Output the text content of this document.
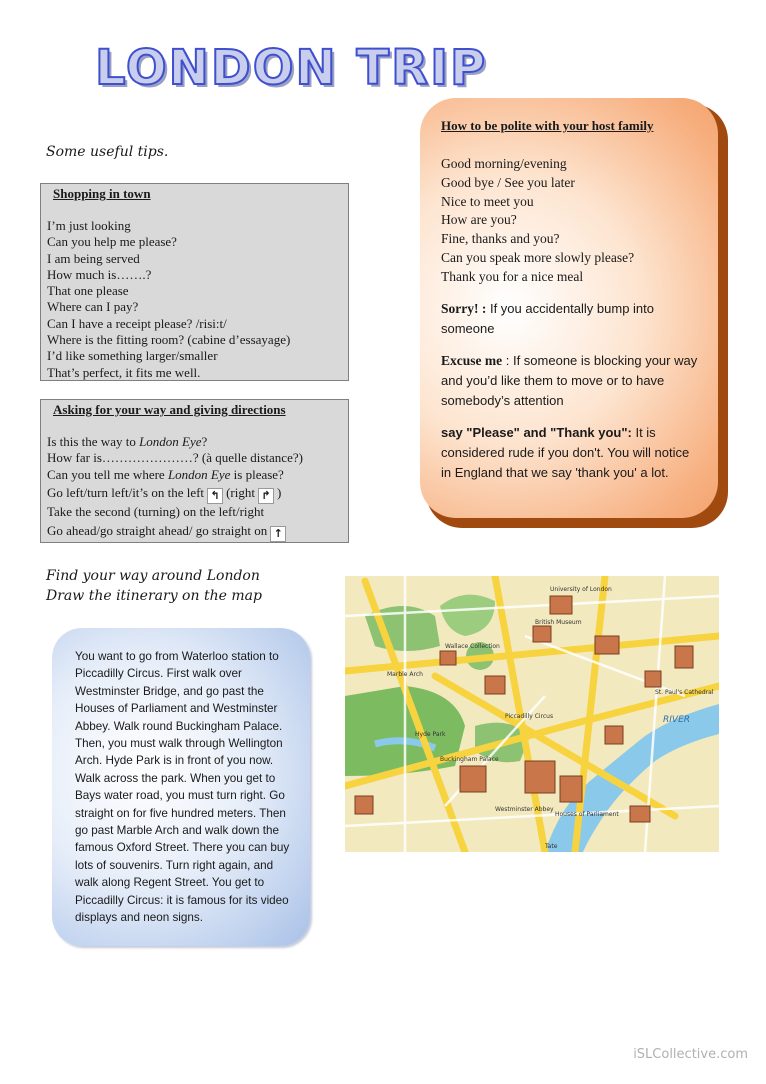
LONDON TRIP
Some useful tips.
Shopping in town
I’m just looking
Can you help me please?
I am being served
How much is…….?
That one please
Where can I pay?
Can I have a receipt please? /risi:t/
Where is the fitting room? (cabine d’essayage)
I’d like something larger/smaller
That’s perfect, it fits me well.
Asking for your way and giving directions
Is this the way to London Eye?
How far is…………………? (à quelle distance?)
Can you tell me where London Eye is please?
Go left/turn left/it’s on the left ↰ (right ↱ )
Take the second (turning) on the left/right
Go ahead/go straight ahead/ go straight on ↑
How to be polite with your host family
Good morning/evening
Good bye / See you later
Nice to meet you
How are you?
Fine, thanks and you?
Can you speak more slowly please?
Thank you for a nice meal
Sorry! : If you accidentally bump into someone
Excuse me : If someone is blocking your way and you’d like them to move or to have somebody’s attention
say "Please" and "Thank you": It is considered rude if you don't. You will notice in England that we say 'thank you' a lot.
Find your way around London
Draw the itinerary on the map
You want to go from Waterloo station to Piccadilly Circus. First walk over Westminster Bridge, and go past the Houses of Parliament and Westminster Abbey. Walk round Buckingham Palace. Then, you must walk through Wellington Arch. Hyde Park is in front of you now. Walk across the park. When you get to Bays water road, you must turn right. Go straight on for five hundred meters. Then go past Marble Arch and walk down the famous Oxford Street. There you can buy lots of souvenirs. Turn right again, and walk along Regent Street. You get to Piccadilly Circus: it is famous for its video displays and neon signs.
University of London
British Museum
Wallace Collection
Marble Arch
Hyde Park
Piccadilly Circus
St. Paul's Cathedral
Buckingham Palace
Westminster Abbey
Houses of Parliament
Tate
RIVER
iSLCollective.com
